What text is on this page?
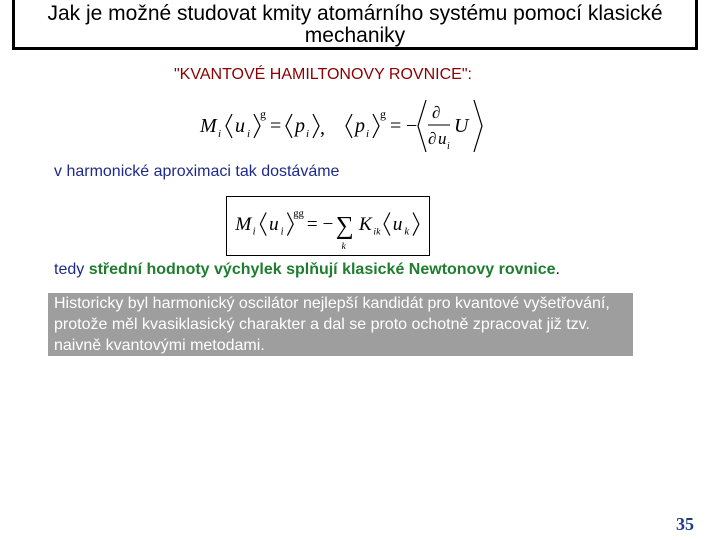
Jak je možné studovat kmity atomárního systému pomocí klasické mechaniky
"KVANTOVÉ HAMILTONOVY ROVNICE":
M i u i
g
= p i , p i
g
= −
∂
∂ u i
U
v harmonické aproximaci tak dostáváme
M i u i
gg
= − ∑
k
K ik u k
tedy střední hodnoty výchylek splňují klasické Newtonovy rovnice.
Historicky byl harmonický oscilátor nejlepší kandidát pro kvantové vyšetřování, protože měl kvasiklasický charakter a dal se proto ochotně zpracovat již tzv. naivně kvantovými metodami.
35
